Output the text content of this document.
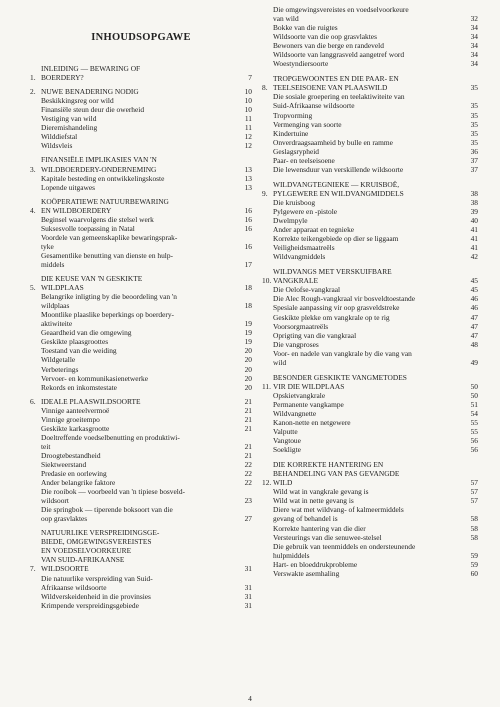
INHOUDSOPGAWE
1.
INLEIDING — BEWARING OF
BOERDERY?	7
2. NUWE BENADERING NODIG	10
Beskikkingsreg oor wild	10
Finansiële steun deur die owerheid	10
Vestiging van wild	11
Dieremishandeling	11
Wilddiefstal	12
Wildsvleis	12
3.
FINANSIËLE IMPLIKASIES VAN 'N
WILDBOERDERY-ONDERNEMING	13
Kapitale besteding en ontwikkelingskoste	13
Lopende uitgawes	13
4.
KOÖPERATIEWE NATUURBEWARING
EN WILDBOERDERY	16
Beginsel waarvolgens die stelsel werk	16
Suksesvolle toepassing in Natal	16
Voordele van gemeenskaplike bewaringsprak-
tyke	16
Gesamentlike benutting van dienste en hulp-
middels	17
5.
DIE KEUSE VAN 'N GESKIKTE
WILDPLAAS	18
Belangrike inligting by die beoordeling van 'n
wildplaas	18
Moontlike plaaslike beperkings op boerdery-
aktiwiteite	19
Geaardheid van die omgewing	19
Geskikte plaasgroottes	19
Toestand van die weiding	20
Wildgetalle	20
Verbeterings	20
Vervoer- en kommunikasienetwerke	20
Rekords en inkomstestate	20
6. IDEALE PLAASWILDSOORTE	21
Vinnige aanteelvermoë	21
Vinnige groeitempo	21
Geskikte karkasgrootte	21
Doeltreffende voedselbenutting en produktiwi-
teit	21
Droogtebestandheid	21
Siektweerstand	22
Predasie en oorlewing	22
Ander belangrike faktore	22
Die rooibok — voorbeeld van 'n tipiese bosveld-
wildsoort	23
Die springbok — tiperende boksoort van die
oop grasvlaktes	27
7.
NATUURLIKE VERSPREIDINGSGE-
BIEDE, OMGEWINGSVEREISTES
EN VOEDSELVOORKEURE
VAN SUID-AFRIKAANSE
WILDSOORTE	31
Die natuurlike verspreiding van Suid-
Afrikaanse wildsoorte	31
Wildverskeidenheid in die provinsies	31
Krimpende verspreidingsgebiede	31
Die omgewingsvereistes en voedselvoorkeure
van wild	32
Bokke van die ruigtes	34
Wildsoorte van die oop grasvlaktes	34
Bewoners van die berge en randeveld	34
Wildsoorte van langgrasveld aangetref word	34
Woestyndiersoorte	34
8.
TROPGEWOONTES EN DIE PAAR- EN
TEELSEISOENE VAN PLAASWILD	35
Die sosiale groepering en teelaktiwiteite van
Suid-Afrikaanse wildsoorte	35
Tropvorming	35
Vermenging van soorte	35
Kindertuine	35
Onverdraagsaamheid by bulle en ramme	35
Geslagsrypheid	36
Paar- en teelseisoene	37
Die lewensduur van verskillende wildsoorte	37
9.
WILDVANGTEGNIEKE — KRUISBOË,
PYLGEWERE EN WILDVANGMIDDELS	38
Die kruisboog	38
Pylgewere en -pistole	39
Dwelmpyle	40
Ander apparaat en tegnieke	41
Korrekte teikengebiede op dier se liggaam	41
Veiligheidsmaatreëls	41
Wildvangmiddels	42
10.
WILDVANGS MET VERSKUIFBARE
VANGKRALE	45
Die Oelofse-vangkraal	45
Die Alec Rough-vangkraal vir bosveldtoestande	46
Spesiale aanpassing vir oop grasveldstreke	46
Geskikte plekke om vangkrale op te rig	47
Voorsorgmaatreëls	47
Oprigting van die vangkraal	47
Die vangproses	48
Voor- en nadele van vangkrale by die vang van
wild	49
11.
BESONDER GESKIKTE VANGMETODES
VIR DIE WILDPLAAS	50
Opskietvangkrale	50
Permanente vangkampe	51
Wildvangnette	54
Kanon-nette en netgewere	55
Valputte	55
Vangtoue	56
Soekligte	56
12.
DIE KORREKTE HANTERING EN
BEHANDELING VAN PAS GEVANGDE
WILD	57
Wild wat in vangkrale gevang is	57
Wild wat in nette gevang is	57
Diere wat met wildvang- of kalmeermiddels
gevang of behandel is	58
Korrekte hantering van die dier	58
Versteurings van die senuwee-stelsel	58
Die gebruik van teenmiddels en ondersteunende
hulpmiddels	59
Hart- en bloeddrukprobleme	59
Verswakte asemhaling	60
4
